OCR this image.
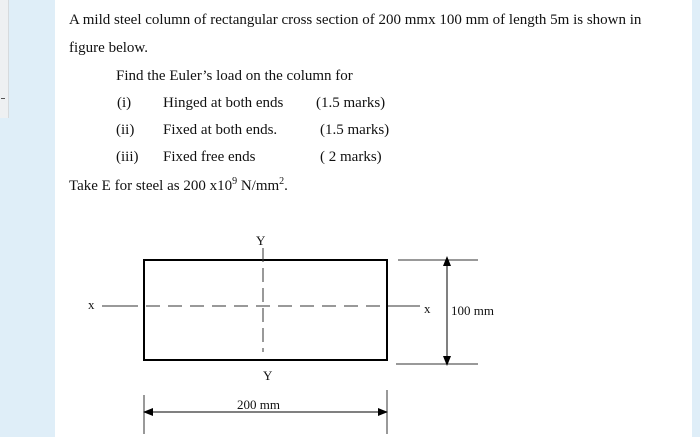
A mild steel column of rectangular cross section of 200 mmx 100 mm of length 5m is shown in
figure below.
Find the Euler’s load on the column for
(i) Hinged at both ends (1.5 marks)
(ii) Fixed at both ends.	(1.5 marks)
(iii) Fixed free ends	( 2 marks)
Take E for steel as 200 $x10^9$ $N/mm^2$.
Y
Y
x	x 100 mm
200 mm
